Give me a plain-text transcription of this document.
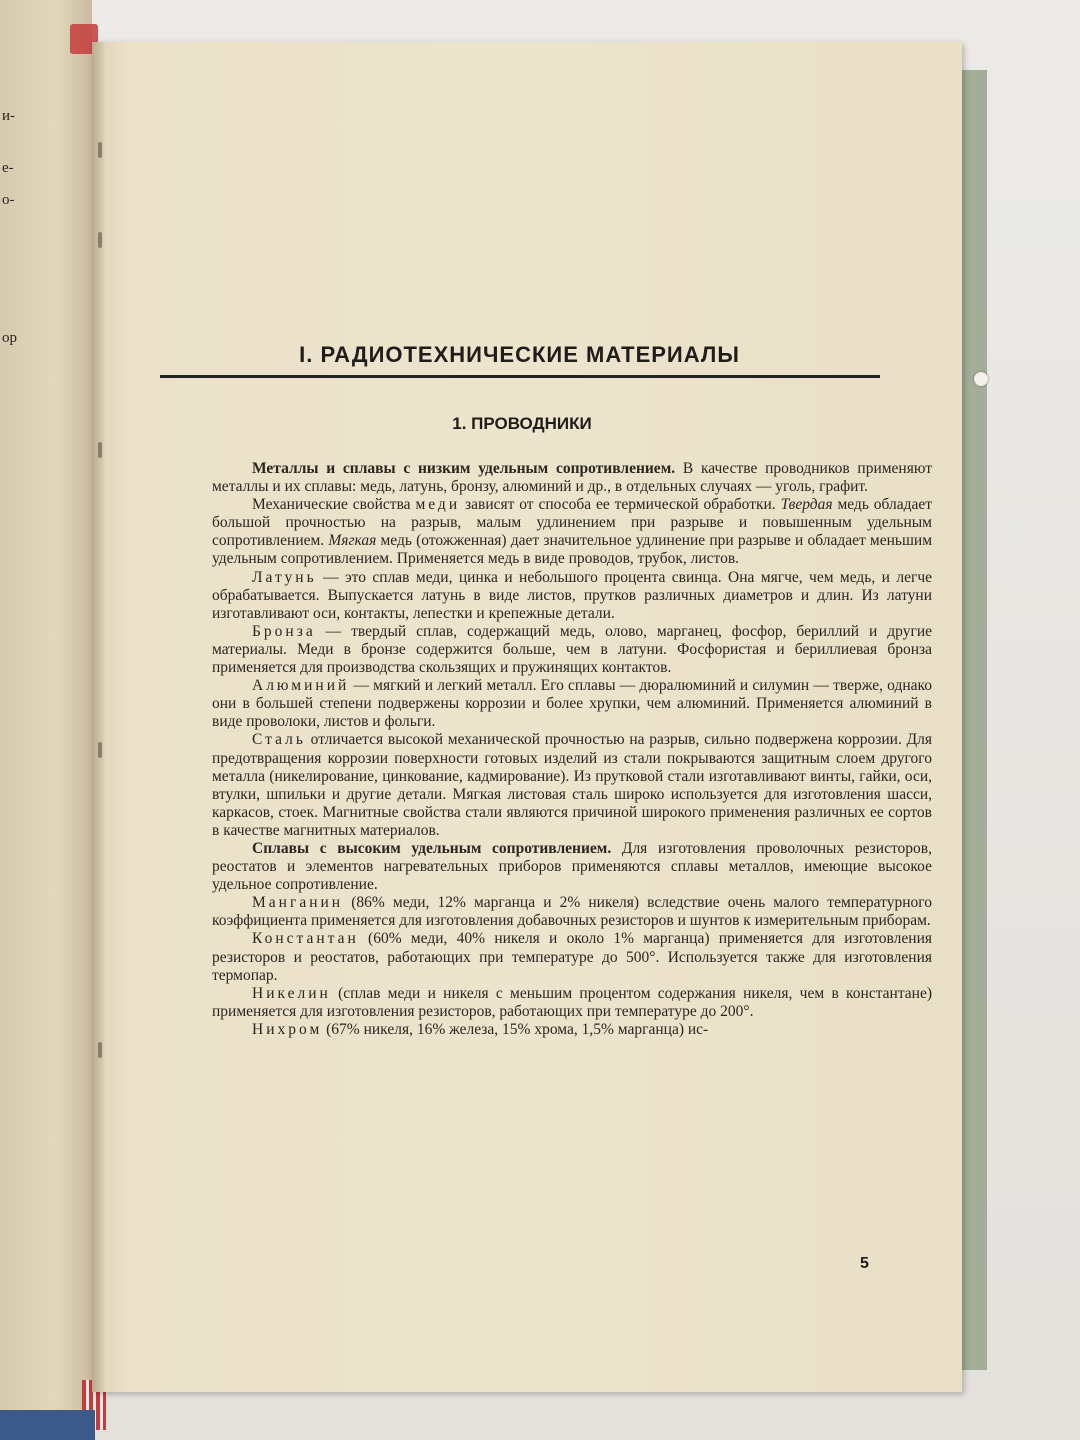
и-
е-
о-
ор
I. РАДИОТЕХНИЧЕСКИЕ МАТЕРИАЛЫ
1. ПРОВОДНИКИ

Металлы и сплавы с низким удельным сопротивлением. В качестве проводников применяют металлы и их сплавы: медь, латунь, бронзу, алюминий и др., в отдельных случаях — уголь, графит.

Механические свойства меди зависят от способа ее термической обработки. Твердая медь обладает большой прочностью на разрыв, малым удлинением при разрыве и повышенным удельным сопротивлением. Мягкая медь (отожженная) дает значительное удлинение при разрыве и обладает меньшим удельным сопротивлением. Применяется медь в виде проводов, трубок, листов.

Латунь — это сплав меди, цинка и небольшого процента свинца. Она мягче, чем медь, и легче обрабатывается. Выпускается латунь в виде листов, прутков различных диаметров и длин. Из латуни изготавливают оси, контакты, лепестки и крепежные детали.

Бронза — твердый сплав, содержащий медь, олово, марганец, фосфор, бериллий и другие материалы. Меди в бронзе содержится больше, чем в латуни. Фосфористая и бериллиевая бронза применяется для производства скользящих и пружинящих контактов.

Алюминий — мягкий и легкий металл. Его сплавы — дюралюминий и силумин — тверже, однако они в большей степени подвержены коррозии и более хрупки, чем алюминий. Применяется алюминий в виде проволоки, листов и фольги.

Сталь отличается высокой механической прочностью на разрыв, сильно подвержена коррозии. Для предотвращения коррозии поверхности готовых изделий из стали покрываются защитным слоем другого металла (никелирование, цинкование, кадмирование). Из прутковой стали изготавливают винты, гайки, оси, втулки, шпильки и другие детали. Мягкая листовая сталь широко используется для изготовления шасси, каркасов, стоек. Магнитные свойства стали являются причиной широкого применения различных ее сортов в качестве магнитных материалов.

Сплавы с высоким удельным сопротивлением. Для изготовления проволочных резисторов, реостатов и элементов нагревательных приборов применяются сплавы металлов, имеющие высокое удельное сопротивление.

Манганин (86% меди, 12% марганца и 2% никеля) вследствие очень малого температурного коэффициента применяется для изготовления добавочных резисторов и шунтов к измерительным приборам.

Константан (60% меди, 40% никеля и около 1% марганца) применяется для изготовления резисторов и реостатов, работающих при температуре до 500°. Используется также для изготовления термопар.

Никелин (сплав меди и никеля с меньшим процентом содержания никеля, чем в константане) применяется для изготовления резисторов, работающих при температуре до 200°.

Нихром (67% никеля, 16% железа, 15% хрома, 1,5% марганца) ис-

5
